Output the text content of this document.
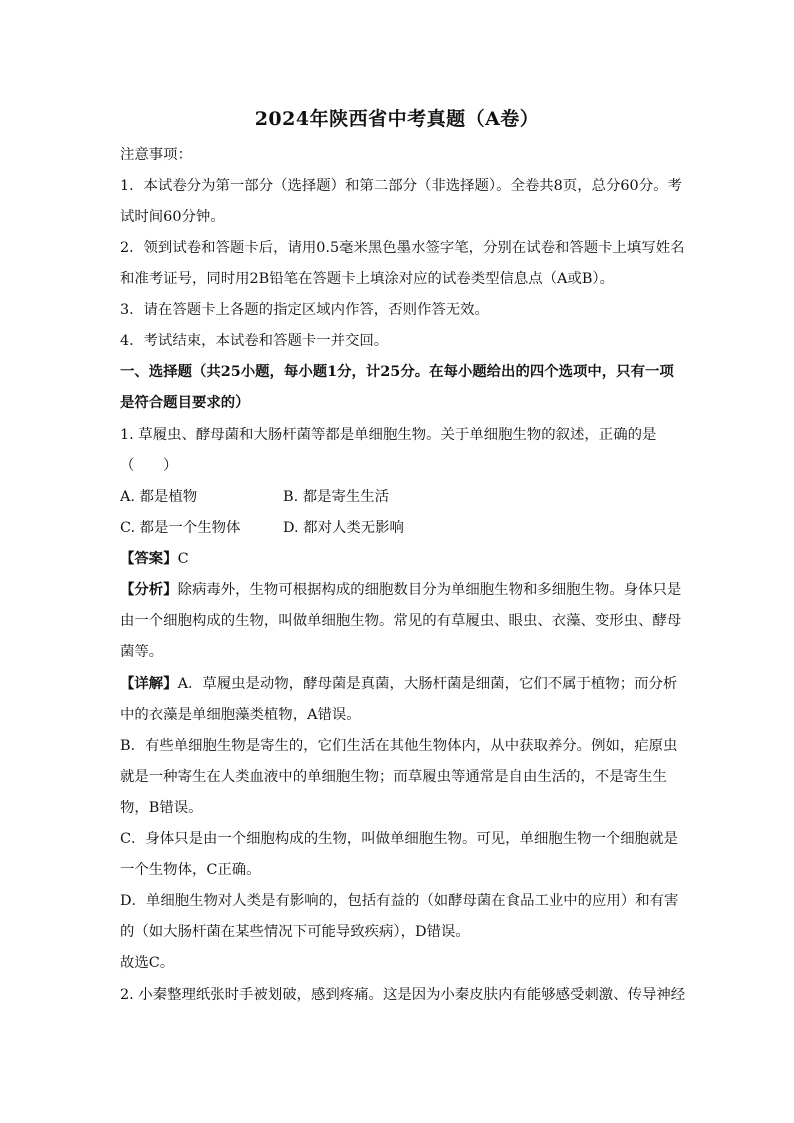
2024年陕西省中考真题（A卷）
注意事项：
1．本试卷分为第一部分（选择题）和第二部分（非选择题）。全卷共8页，总分60分。考
试时间60分钟。
2．领到试卷和答题卡后，请用0.5毫米黑色墨水签字笔，分别在试卷和答题卡上填写姓名
和准考证号，同时用2B铅笔在答题卡上填涂对应的试卷类型信息点（A或B）。
3．请在答题卡上各题的指定区域内作答，否则作答无效。
4．考试结束，本试卷和答题卡一并交回。
一、选择题（共25小题，每小题1分，计25分。在每小题给出的四个选项中，只有一项
是符合题目要求的）
1. 草履虫、酵母菌和大肠杆菌等都是单细胞生物。关于单细胞生物的叙述，正确的是
（　　）
A. 都是植物	B. 都是寄生生活
C. 都是一个生物体	D. 都对人类无影响
【答案】C
【分析】除病毒外，生物可根据构成的细胞数目分为单细胞生物和多细胞生物。身体只是
由一个细胞构成的生物，叫做单细胞生物。常见的有草履虫、眼虫、衣藻、变形虫、酵母
菌等。
【详解】A．草履虫是动物，酵母菌是真菌，大肠杆菌是细菌，它们不属于植物；而分析
中的衣藻是单细胞藻类植物，A错误。
B．有些单细胞生物是寄生的，它们生活在其他生物体内，从中获取养分。例如，疟原虫
就是一种寄生在人类血液中的单细胞生物；而草履虫等通常是自由生活的，不是寄生生
物，B错误。
C．身体只是由一个细胞构成的生物，叫做单细胞生物。可见，单细胞生物一个细胞就是
一个生物体，C正确。
D．单细胞生物对人类是有影响的，包括有益的（如酵母菌在食品工业中的应用）和有害
的（如大肠杆菌在某些情况下可能导致疾病），D错误。
故选C。
2. 小秦整理纸张时手被划破，感到疼痛。这是因为小秦皮肤内有能够感受刺激、传导神经
